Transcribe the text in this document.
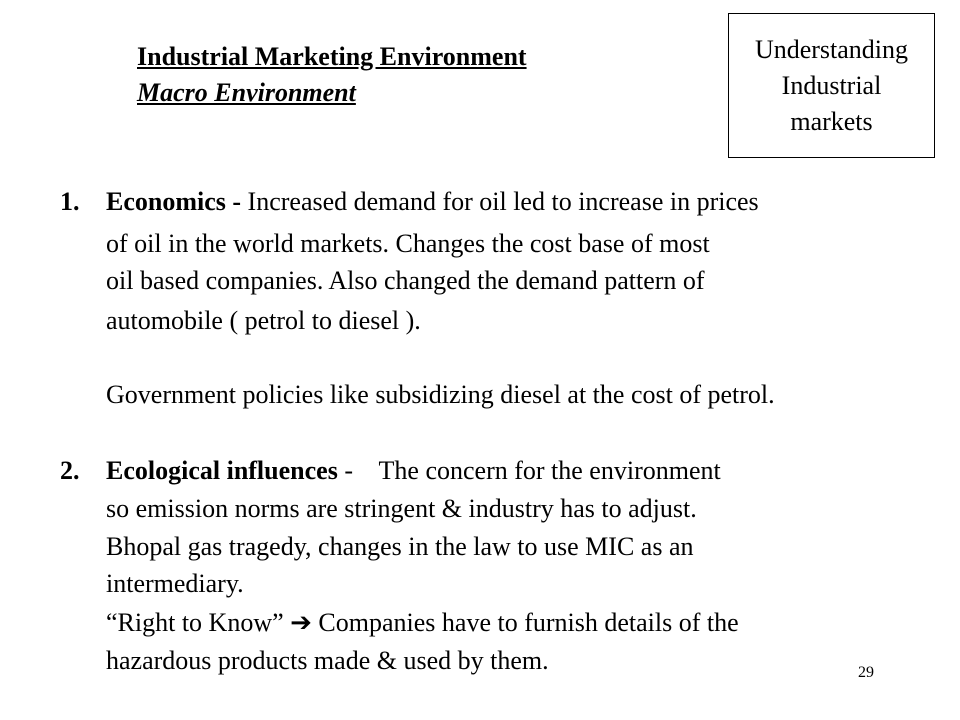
Industrial Marketing Environment
Macro Environment
Understanding
Industrial
markets
1. Economics - Increased demand for oil led to increase in prices
of oil in the world markets. Changes the cost base of most
oil based companies. Also changed the demand pattern of
automobile ( petrol to diesel ).
Government policies like subsidizing diesel at the cost of petrol.
2. Ecological influences -    The concern for the environment
so emission norms are stringent & industry has to adjust.
Bhopal gas tragedy, changes in the law to use MIC as an
intermediary.
“Right to Know” ➔ Companies have to furnish details of the
hazardous products made & used by them.	29
